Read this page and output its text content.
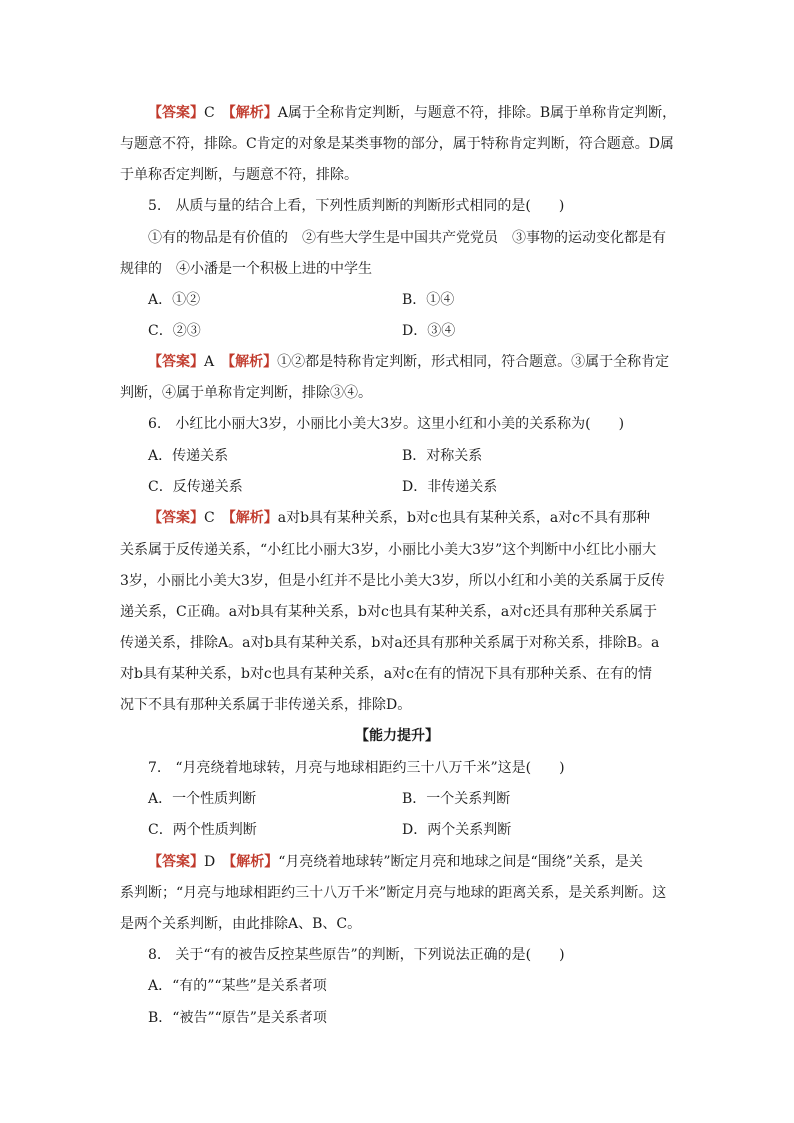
【答案】C　 【解析】A属于全称肯定判断，与题意不符，排除。B属于单称肯定判断，
与题意不符，排除。C肯定的对象是某类事物的部分，属于特称肯定判断，符合题意。D属
于单称否定判断，与题意不符，排除。
5.　从质与量的结合上看，下列性质判断的判断形式相同的是(　　)
①有的物品是有价值的　②有些大学生是中国共产党党员　③事物的运动变化都是有
规律的　④小潘是一个积极上进的中学生
A．①②	B．①④
C．②③	D．③④
【答案】A　 【解析】①②都是特称肯定判断，形式相同，符合题意。③属于全称肯定
判断，④属于单称肯定判断，排除③④。
6.　小红比小丽大3岁，小丽比小美大3岁。这里小红和小美的关系称为(　　)
A．传递关系	B．对称关系
C．反传递关系	D．非传递关系
【答案】C　 【解析】a对b具有某种关系，b对c也具有某种关系，a对c不具有那种
关系属于反传递关系，“小红比小丽大3岁，小丽比小美大3岁”这个判断中小红比小丽大
3岁，小丽比小美大3岁，但是小红并不是比小美大3岁，所以小红和小美的关系属于反传
递关系，C正确。a对b具有某种关系，b对c也具有某种关系，a对c还具有那种关系属于
传递关系，排除A。a对b具有某种关系，b对a还具有那种关系属于对称关系，排除B。a
对b具有某种关系，b对c也具有某种关系，a对c在有的情况下具有那种关系、在有的情
况下不具有那种关系属于非传递关系，排除D。
【能力提升】
7.　“月亮绕着地球转，月亮与地球相距约三十八万千米”这是(　　)
A．一个性质判断	B．一个关系判断
C．两个性质判断	D．两个关系判断
【答案】D　 【解析】“月亮绕着地球转”断定月亮和地球之间是“围绕”关系，是关
系判断；“月亮与地球相距约三十八万千米”断定月亮与地球的距离关系，是关系判断。这
是两个关系判断，由此排除A、B、C。
8.　关于“有的被告反控某些原告”的判断，下列说法正确的是(　　)
A．“有的”“某些”是关系者项
B．“被告”“原告”是关系者项
